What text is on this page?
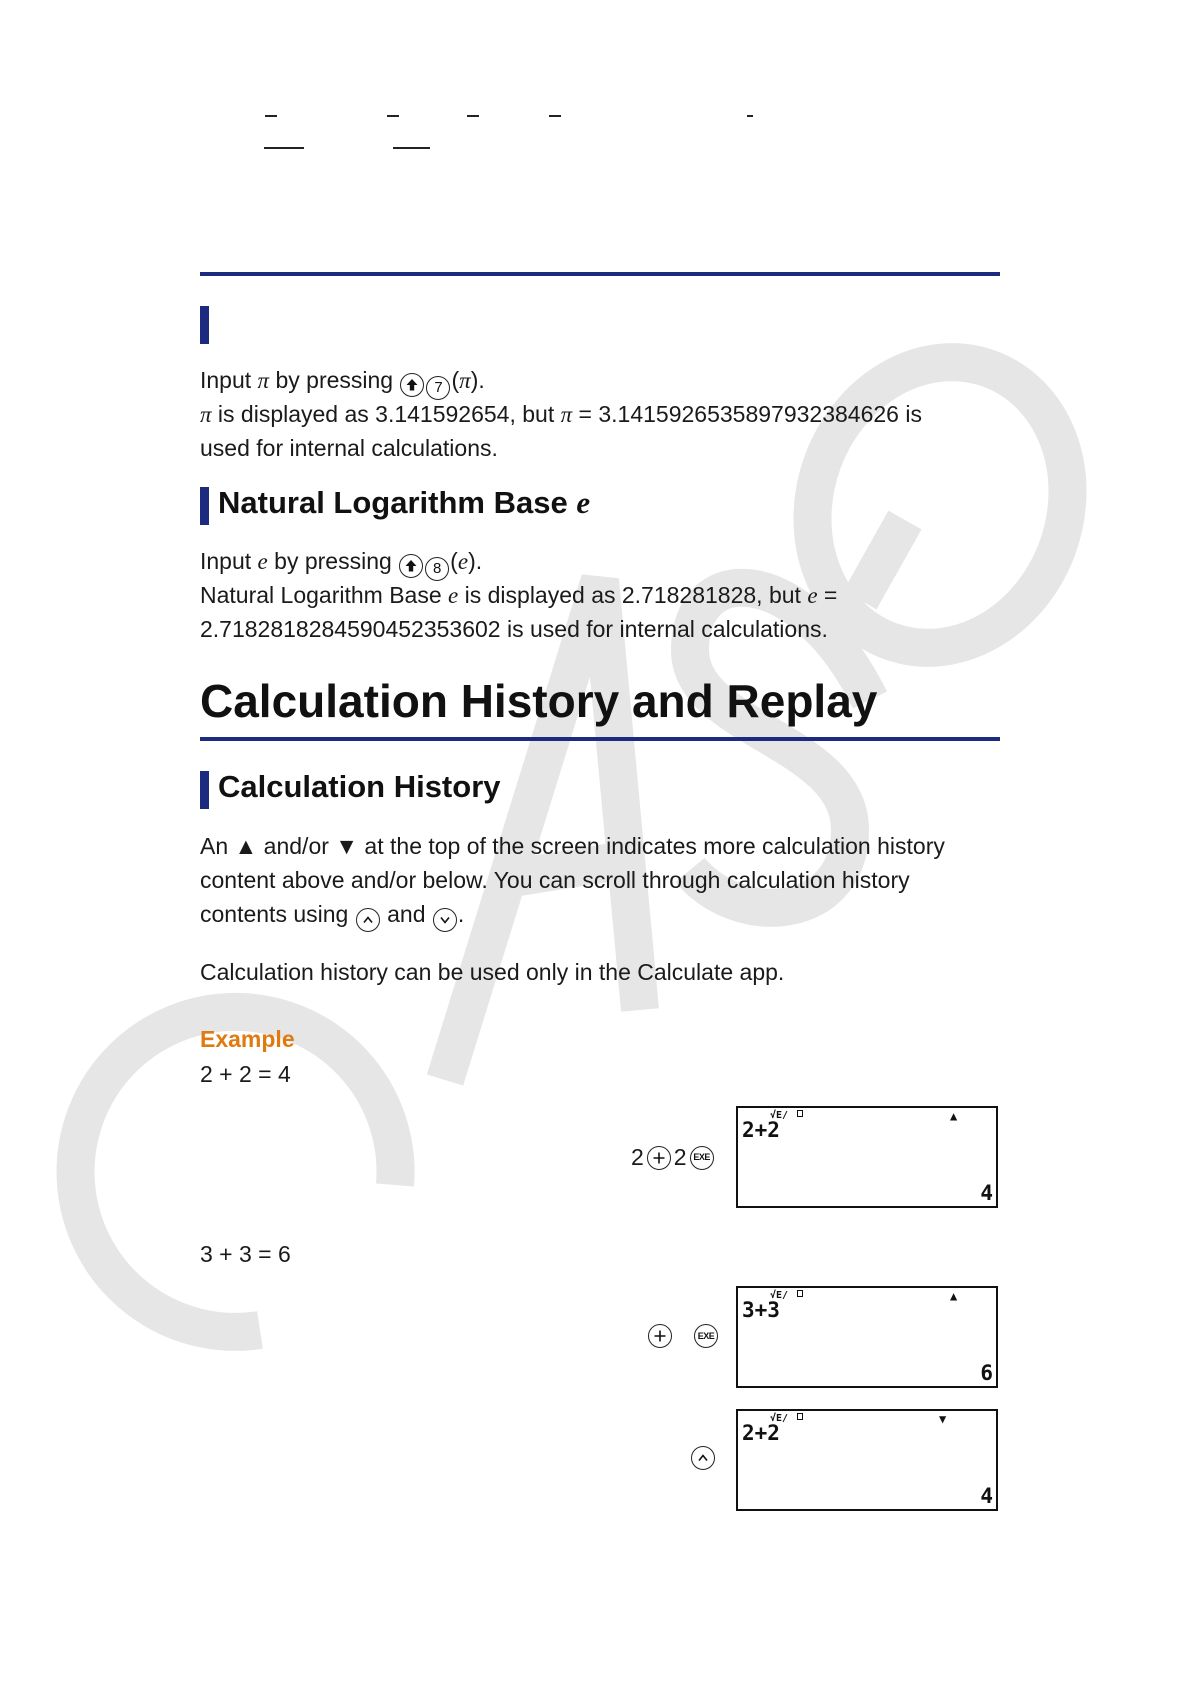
Input π by pressing
7 (π).
π is displayed as 3.141592654, but π = 3.1415926535897932384626 is
used for internal calculations.
Natural Logarithm Base e
Input e by pressing
8 (e).
Natural Logarithm Base e is displayed as 2.718281828, but e =
2.7182818284590452353602 is used for internal calculations.
Calculation History and Replay
Calculation History
An ▲ and/or ▼ at the top of the screen indicates more calculation history
content above and/or below. You can scroll through calculation history
contents using
and
.
Calculation history can be used only in the Calculate app.
Example
2 + 2 = 4
2 2 EXE
√E/	▲
2+2
4
3 + 3 = 6
EXE
√E/	▲
3+3
6
√E/	▼
2+2
4
